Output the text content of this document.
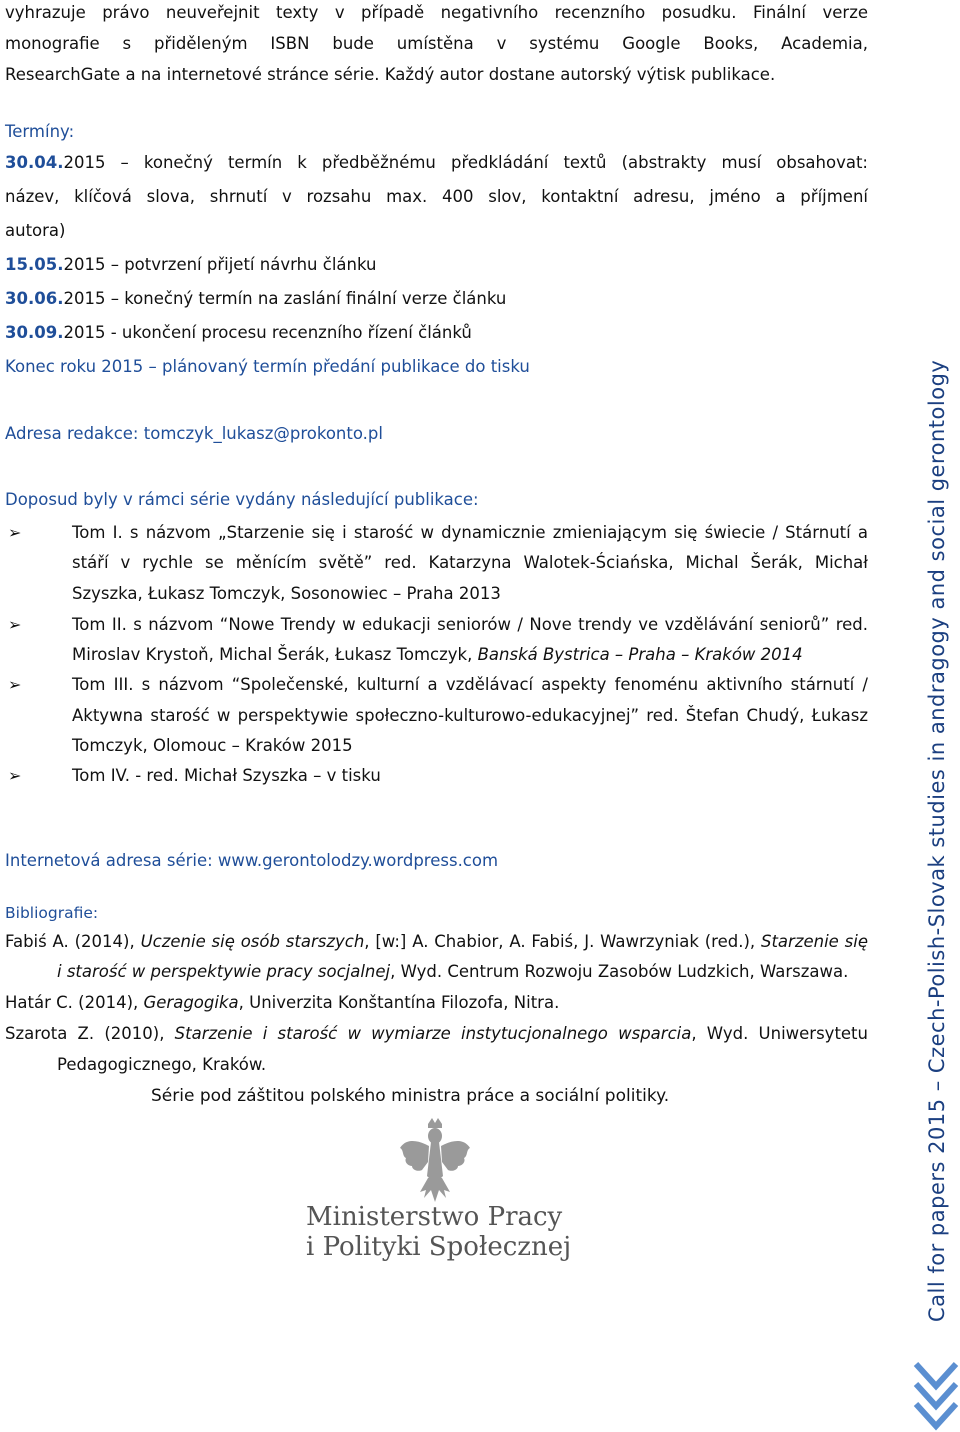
vyhrazuje právo neuveřejnit texty v případě negativního recenzního posudku. Finální verze
monografie s přiděleným ISBN bude umístěna v systému Google Books, Academia,
ResearchGate a na internetové stránce série. Každý autor dostane autorský výtisk publikace.
Termíny:
30.04.2015 – konečný termín k předběžnému předkládání textů (abstrakty musí obsahovat:
název, klíčová slova, shrnutí v rozsahu max. 400 slov, kontaktní adresu, jméno a příjmení
autora)
15.05.2015 – potvrzení přijetí návrhu článku
30.06.2015 – konečný termín na zaslání finální verze článku
30.09.2015 - ukončení procesu recenzního řízení článků
Konec roku 2015 – plánovaný termín předání publikace do tisku
Adresa redakce: tomczyk_lukasz@prokonto.pl
Doposud byly v rámci série vydány následující publikace:
➢	Tom I. s názvom „Starzenie się i starość w dynamicznie zmieniającym się świecie / Stárnutí a
stáří v rychle se měnícím světě” red. Katarzyna Walotek-Ściańska, Michal Šerák, Michał
Szyszka, Łukasz Tomczyk, Sosonowiec – Praha 2013
➢	Tom II. s názvom “Nowe Trendy w edukacji seniorów / Nove trendy ve vzdělávání seniorů” red.
Miroslav Krystoň, Michal Šerák, Łukasz Tomczyk, Banská Bystrica – Praha – Kraków 2014
➢	Tom III. s názvom “Společenské, kulturní a vzdělávací aspekty fenoménu aktivního stárnutí /
Aktywna starość w perspektywie społeczno-kulturowo-edukacyjnej” red. Štefan Chudý, Łukasz
Tomczyk, Olomouc – Kraków 2015
➢	Tom IV. - red. Michał Szyszka – v tisku
Internetová adresa série: www.gerontolodzy.wordpress.com
Bibliografie:
Fabiś A. (2014), Uczenie się osób starszych, [w:] A. Chabior, A. Fabiś, J. Wawrzyniak (red.), Starzenie się
i starość w perspektywie pracy socjalnej, Wyd. Centrum Rozwoju Zasobów Ludzkich, Warszawa.
Határ C. (2014), Geragogika, Univerzita Konštantína Filozofa, Nitra.
Szarota Z. (2010), Starzenie i starość w wymiarze instytucjonalnego wsparcia, Wyd. Uniwersytetu
Pedagogicznego, Kraków.
Série pod záštitou polského ministra práce a sociální politiky.
Ministerstwo Pracy
i Polityki Społecznej	Call for papers 2015 – Czech-Polish-Slovak studies in andragogy and social gerontology
